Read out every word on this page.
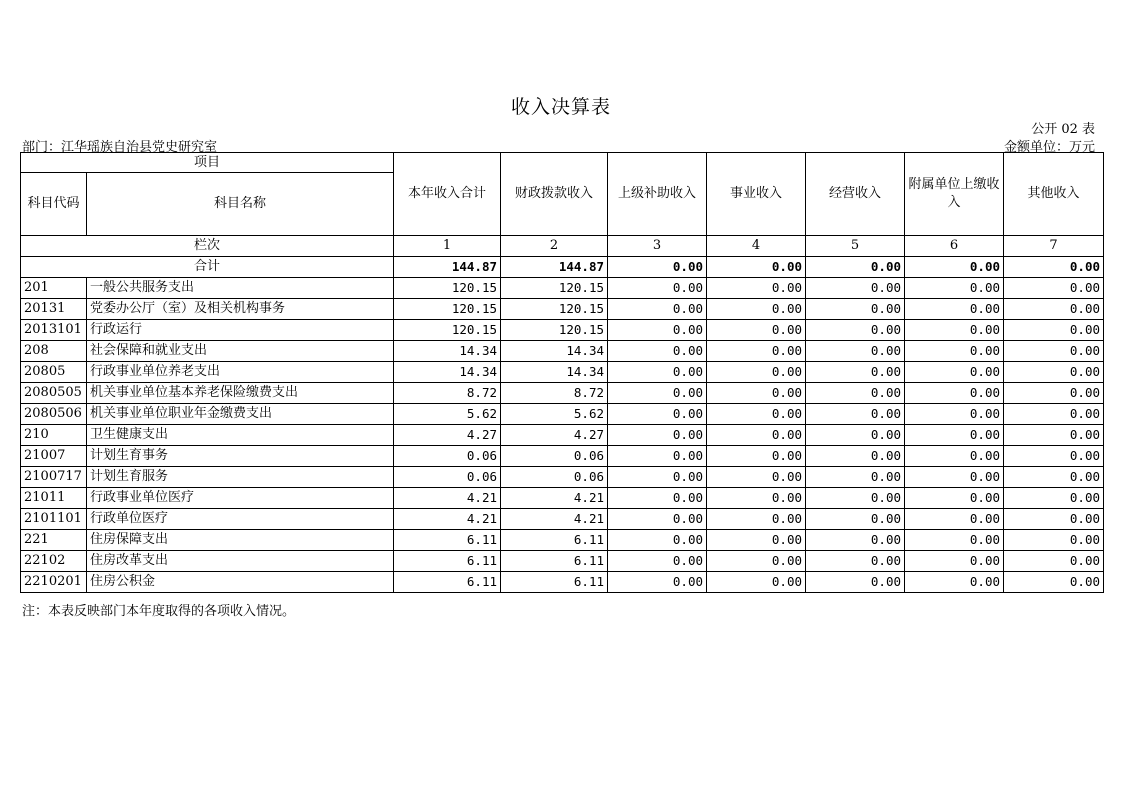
收入决算表
公开 02 表
部门：江华瑶族自治县党史研究室	金额单位：万元
项目		本年收入合计	财政拨款收入	上级补助收入	事业收入	经营收入	附属单位上缴收入	其他收入
科目代码	科目名称							
栏次		1	2	3	4	5	6	7
合计		144.87	144.87	0.00	0.00	0.00	0.00	0.00
201	一般公共服务支出	120.15	120.15	0.00	0.00	0.00	0.00	0.00
20131	党委办公厅（室）及相关机构事务	120.15	120.15	0.00	0.00	0.00	0.00	0.00
2013101	行政运行	120.15	120.15	0.00	0.00	0.00	0.00	0.00
208	社会保障和就业支出	14.34	14.34	0.00	0.00	0.00	0.00	0.00
20805	行政事业单位养老支出	14.34	14.34	0.00	0.00	0.00	0.00	0.00
2080505	机关事业单位基本养老保险缴费支出	8.72	8.72	0.00	0.00	0.00	0.00	0.00
2080506	机关事业单位职业年金缴费支出	5.62	5.62	0.00	0.00	0.00	0.00	0.00
210	卫生健康支出	4.27	4.27	0.00	0.00	0.00	0.00	0.00
21007	计划生育事务	0.06	0.06	0.00	0.00	0.00	0.00	0.00
2100717	计划生育服务	0.06	0.06	0.00	0.00	0.00	0.00	0.00
21011	行政事业单位医疗	4.21	4.21	0.00	0.00	0.00	0.00	0.00
2101101	行政单位医疗	4.21	4.21	0.00	0.00	0.00	0.00	0.00
221	住房保障支出	6.11	6.11	0.00	0.00	0.00	0.00	0.00
22102	住房改革支出	6.11	6.11	0.00	0.00	0.00	0.00	0.00
2210201	住房公积金	6.11	6.11	0.00	0.00	0.00	0.00	0.00
注：本表反映部门本年度取得的各项收入情况。
